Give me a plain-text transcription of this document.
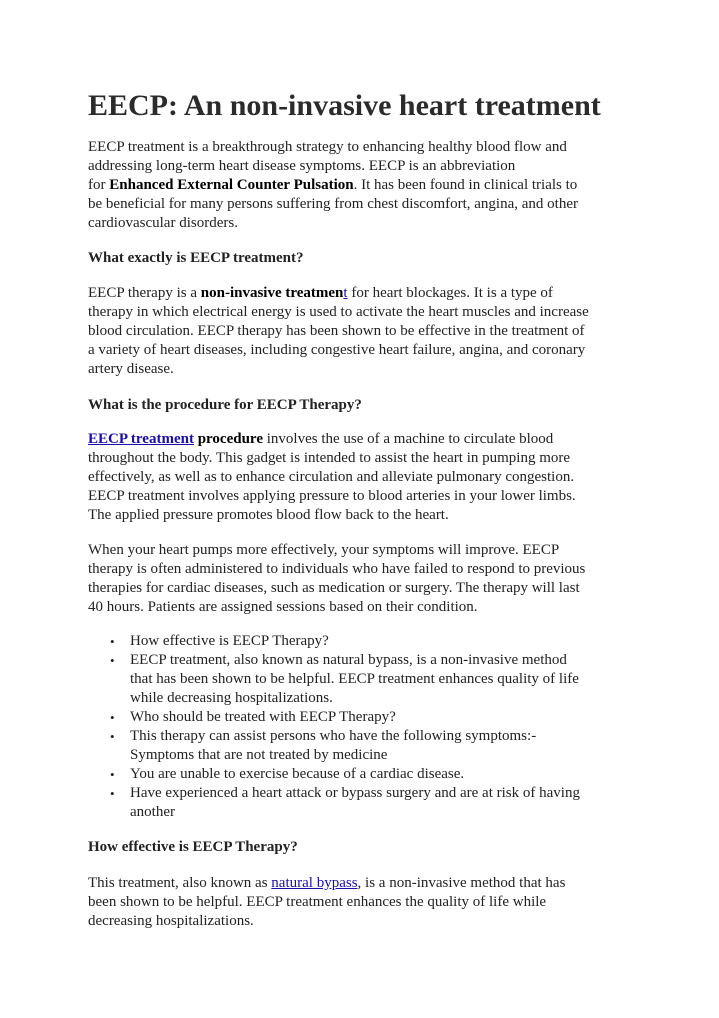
EECP: An non-invasive heart treatment
EECP treatment is a breakthrough strategy to enhancing healthy blood flow and
addressing long-term heart disease symptoms. EECP is an abbreviation
for Enhanced External Counter Pulsation. It has been found in clinical trials to
be beneficial for many persons suffering from chest discomfort, angina, and other
cardiovascular disorders.
What exactly is EECP treatment?
EECP therapy is a non-invasive treatment for heart blockages. It is a type of
therapy in which electrical energy is used to activate the heart muscles and increase
blood circulation. EECP therapy has been shown to be effective in the treatment of
a variety of heart diseases, including congestive heart failure, angina, and coronary
artery disease.
What is the procedure for EECP Therapy?
EECP treatment procedure involves the use of a machine to circulate blood
throughout the body. This gadget is intended to assist the heart in pumping more
effectively, as well as to enhance circulation and alleviate pulmonary congestion.
EECP treatment involves applying pressure to blood arteries in your lower limbs.
The applied pressure promotes blood flow back to the heart.
When your heart pumps more effectively, your symptoms will improve. EECP
therapy is often administered to individuals who have failed to respond to previous
therapies for cardiac diseases, such as medication or surgery. The therapy will last
40 hours. Patients are assigned sessions based on their condition.
• How effective is EECP Therapy?
• EECP treatment, also known as natural bypass, is a non-invasive method
that has been shown to be helpful. EECP treatment enhances quality of life
while decreasing hospitalizations.
• Who should be treated with EECP Therapy?
• This therapy can assist persons who have the following symptoms:-
Symptoms that are not treated by medicine
• You are unable to exercise because of a cardiac disease.
• Have experienced a heart attack or bypass surgery and are at risk of having
another
How effective is EECP Therapy?
This treatment, also known as natural bypass, is a non-invasive method that has
been shown to be helpful. EECP treatment enhances the quality of life while
decreasing hospitalizations.
